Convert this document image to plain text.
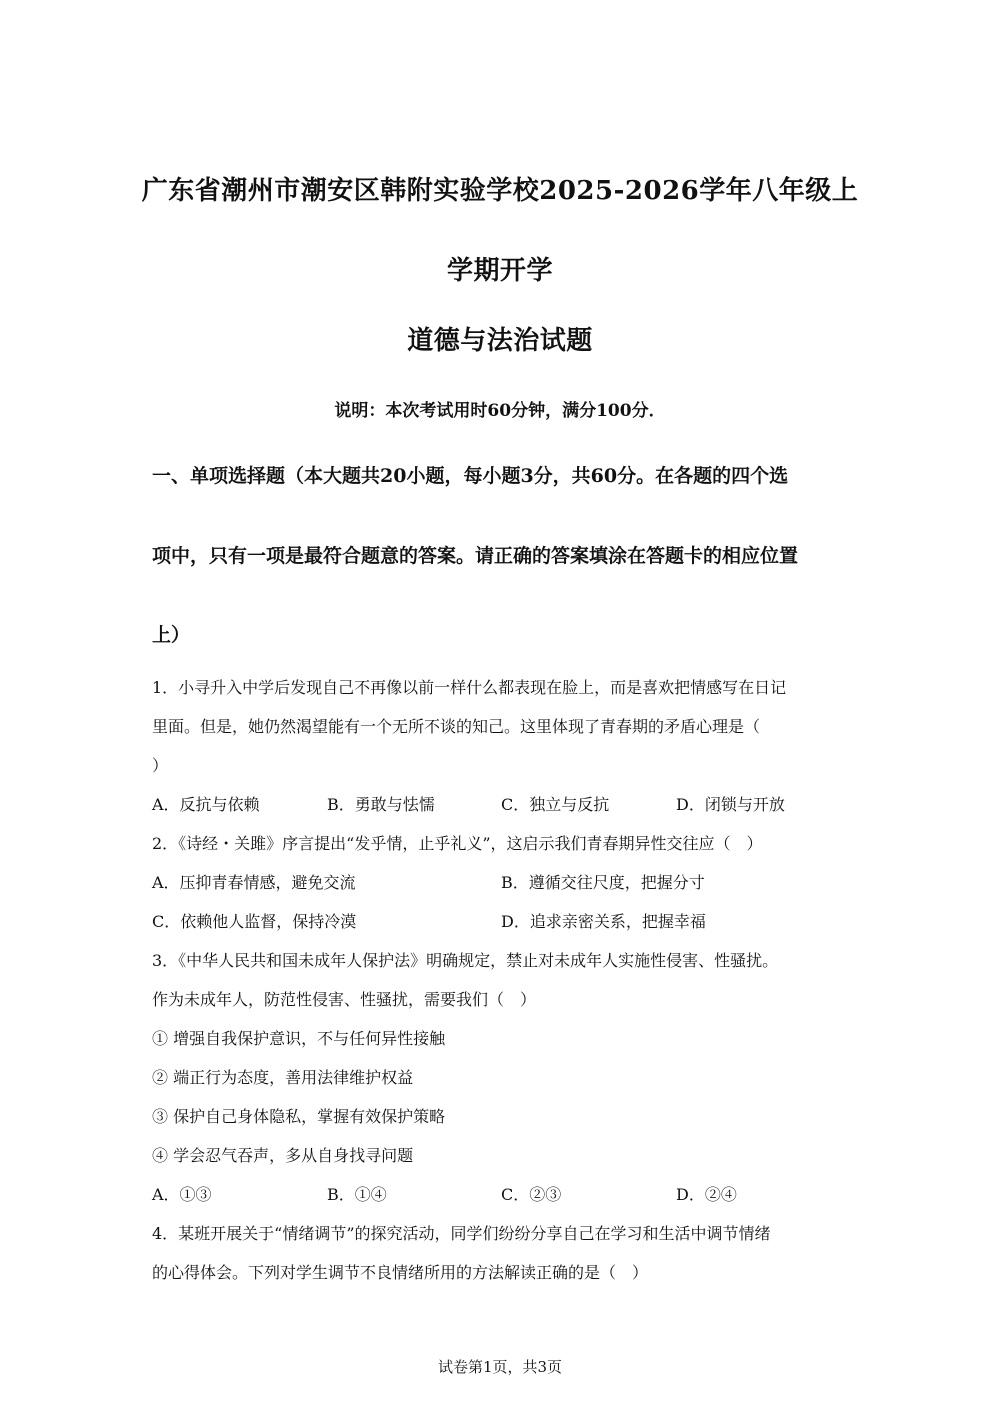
广东省潮州市潮安区韩附实验学校2025-2026学年八年级上
学期开学
道德与法治试题
说明：本次考试用时60分钟，满分100分．
一、单项选择题（本大题共20小题，每小题3分，共60分。在各题的四个选
项中，只有一项是最符合题意的答案。请正确的答案填涂在答题卡的相应位置
上）
1．小寻升入中学后发现自己不再像以前一样什么都表现在脸上，而是喜欢把情感写在日记
里面。但是，她仍然渴望能有一个无所不谈的知己。这里体现了青春期的矛盾心理是（
）
A．反抗与依赖	B．勇敢与怯懦	C．独立与反抗	D．闭锁与开放
2．《诗经・关雎》序言提出“发乎情，止乎礼义”，这启示我们青春期异性交往应（　）
A．压抑青春情感，避免交流	B．遵循交往尺度，把握分寸
C．依赖他人监督，保持冷漠	D．追求亲密关系，把握幸福
3．《中华人民共和国未成年人保护法》明确规定，禁止对未成年人实施性侵害、性骚扰。
作为未成年人，防范性侵害、性骚扰，需要我们（　）
① 增强自我保护意识，不与任何异性接触
② 端正行为态度，善用法律维护权益
③ 保护自己身体隐私，掌握有效保护策略
④ 学会忍气吞声，多从自身找寻问题
A．①③	B．①④	C．②③	D．②④
4．某班开展关于“情绪调节”的探究活动，同学们纷纷分享自己在学习和生活中调节情绪
的心得体会。下列对学生调节不良情绪所用的方法解读正确的是（　）
试卷第1页，共3页
